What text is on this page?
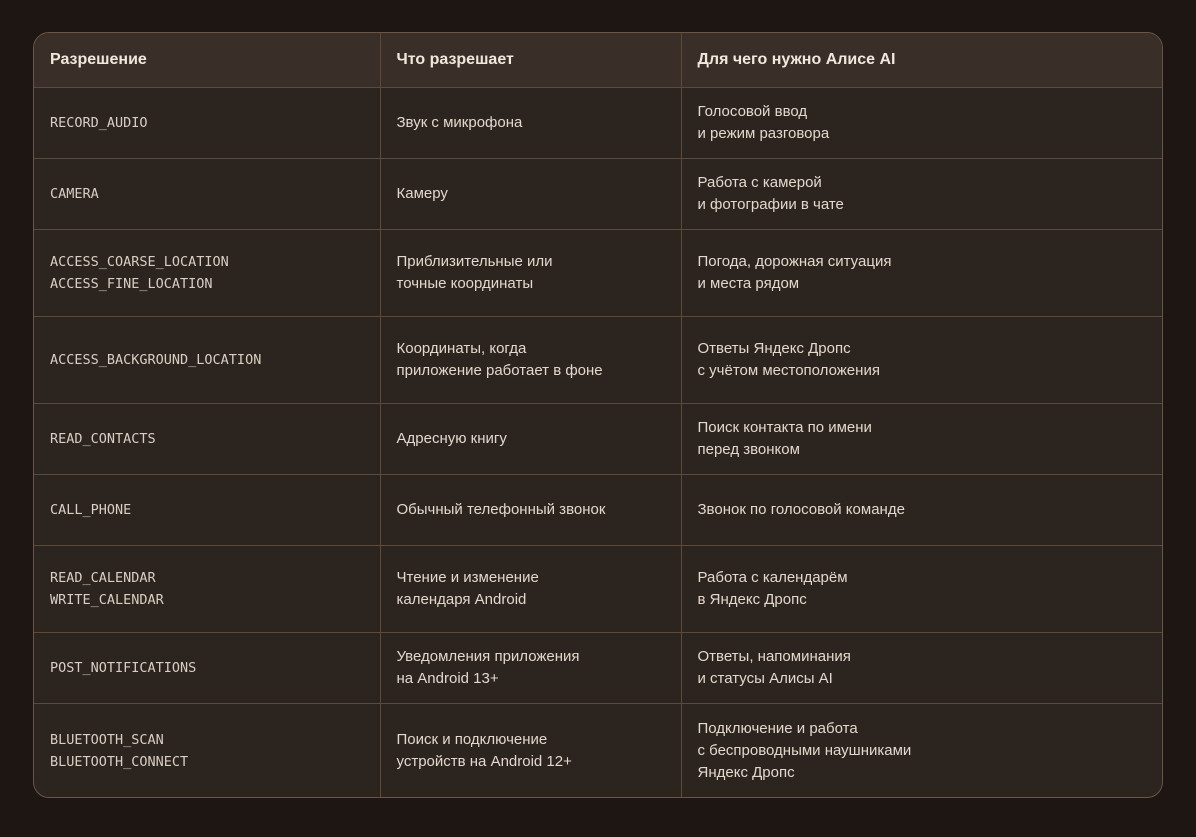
Разрешение	Что разрешает	Для чего нужно Алисе AI

RECORD_AUDIO	Звук с микрофона	Голосовой ввод
и режим разговора

CAMERA	Камеру	Работа с камерой
и фотографии в чате

ACCESS_COARSE_LOCATION
ACCESS_FINE_LOCATION	Приблизительные или
точные координаты	Погода, дорожная ситуация
и места рядом

ACCESS_BACKGROUND_LOCATION	Координаты, когда
приложение работает в фоне	Ответы Яндекс Дропс
с учётом местоположения

READ_CONTACTS	Адресную книгу	Поиск контакта по имени
перед звонком

CALL_PHONE	Обычный телефонный звонок	Звонок по голосовой команде

READ_CALENDAR
WRITE_CALENDAR	Чтение и изменение
календаря Android	Работа с календарём
в Яндекс Дропс

POST_NOTIFICATIONS	Уведомления приложения
на Android 13+	Ответы, напоминания
и статусы Алисы AI

BLUETOOTH_SCAN
BLUETOOTH_CONNECT	Поиск и подключение
устройств на Android 12+	Подключение и работа
с беспроводными наушниками
Яндекс Дропс
